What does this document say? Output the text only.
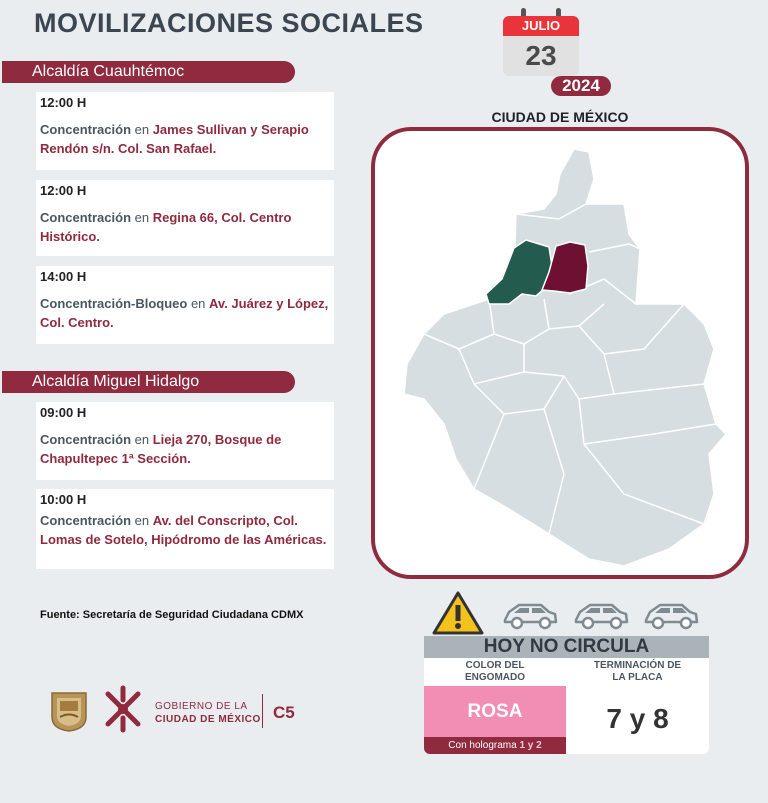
MOVILIZACIONES SOCIALES	JULIO
23
2024
Alcaldía Cuauhtémoc
12:00 H
Concentración en James Sullivan y Serapio Rendón s/n. Col. San Rafael.
12:00 H
Concentración en Regina 66, Col. Centro Histórico.
14:00 H
Concentración-Bloqueo en Av. Juárez y López, Col. Centro.
Alcaldía Miguel Hidalgo
09:00 H
Concentración en Lieja 270, Bosque de Chapultepec 1ª Sección.
10:00 H
Concentración en Av. del Conscripto, Col. Lomas de Sotelo, Hipódromo de las Américas.
Fuente: Secretaría de Seguridad Ciudadana CDMX
CIUDAD DE MÉXICO
HOY NO CIRCULA
COLOR DEL ENGOMADO
TERMINACIÓN DE LA PLACA
ROSA
Con holograma 1 y 2
7 y 8
GOBIERNO DE LA
CIUDAD DE MÉXICO C5
